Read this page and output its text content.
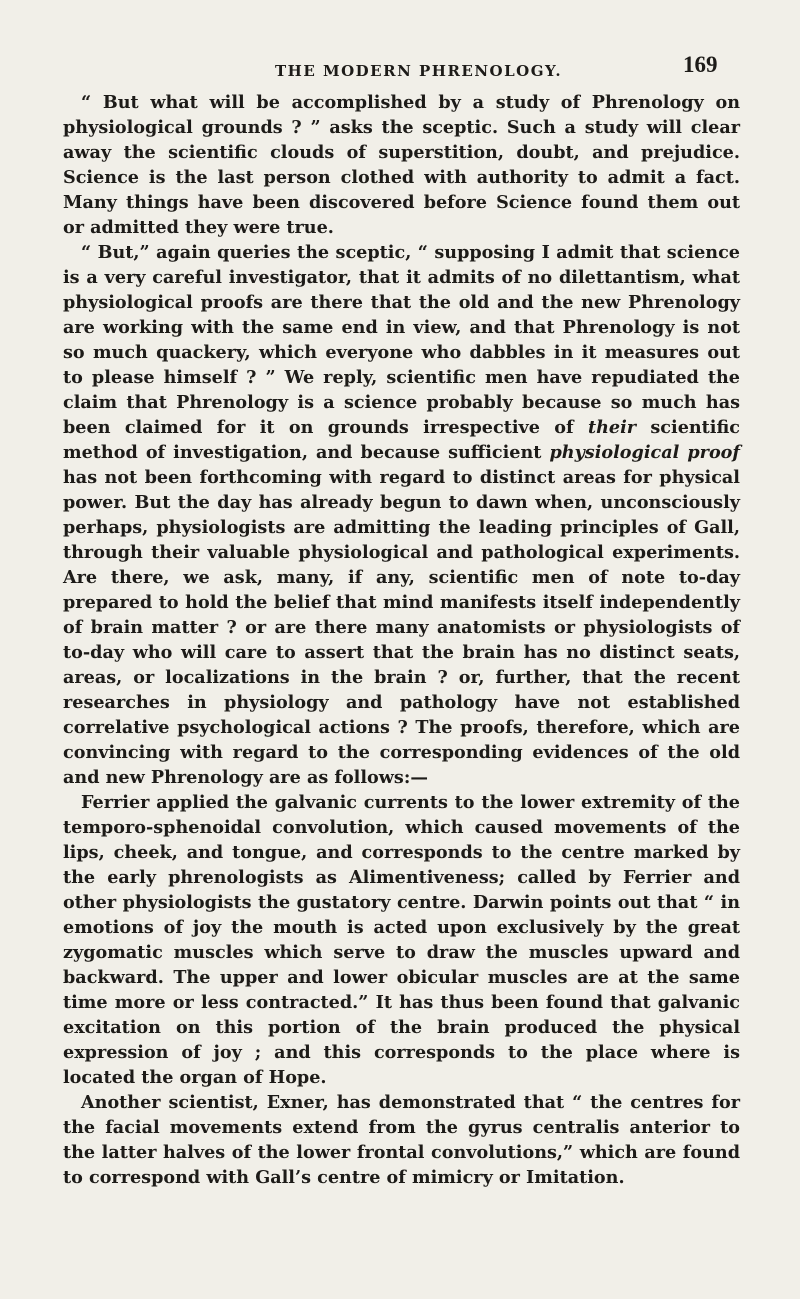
THE MODERN PHRENOLOGY.	169

“ But what will be accomplished by a study of Phrenology on physiological grounds ? ” asks the sceptic. Such a study will clear away the scientific clouds of superstition, doubt, and prejudice. Science is the last person clothed with authority to admit a fact. Many things have been discovered before Science found them out or admitted they were true.

“ But,” again queries the sceptic, “ supposing I admit that science is a very careful investigator, that it admits of no dilettantism, what physiological proofs are there that the old and the new Phrenology are working with the same end in view, and that Phrenology is not so much quackery, which everyone who dabbles in it measures out to please himself ? ” We reply, scientific men have repudiated the claim that Phrenology is a science probably because so much has been claimed for it on grounds irrespective of their scientific method of investigation, and because sufficient physiological proof has not been forthcoming with regard to distinct areas for physical power. But the day has already begun to dawn when, unconsciously perhaps, physiologists are admitting the leading principles of Gall, through their valuable physiological and pathological experiments. Are there, we ask, many, if any, scientific men of note to-day prepared to hold the belief that mind manifests itself independently of brain matter ? or are there many anatomists or physiologists of to-day who will care to assert that the brain has no distinct seats, areas, or localizations in the brain ? or, further, that the recent researches in physiology and pathology have not established correlative psychological actions ? The proofs, therefore, which are convincing with regard to the corresponding evidences of the old and new Phrenology are as follows:—

Ferrier applied the galvanic currents to the lower extremity of the temporo-sphenoidal convolution, which caused movements of the lips, cheek, and tongue, and corresponds to the centre marked by the early phrenologists as Alimentiveness; called by Ferrier and other physiologists the gustatory centre. Darwin points out that “ in emotions of joy the mouth is acted upon exclusively by the great zygomatic muscles which serve to draw the muscles upward and backward. The upper and lower obicular muscles are at the same time more or less contracted.” It has thus been found that galvanic excitation on this portion of the brain produced the physical expression of joy ; and this corresponds to the place where is located the organ of Hope.

Another scientist, Exner, has demonstrated that “ the centres for the facial movements extend from the gyrus centralis anterior to the latter halves of the lower frontal convolutions,” which are found to correspond with Gall’s centre of mimicry or Imitation.
